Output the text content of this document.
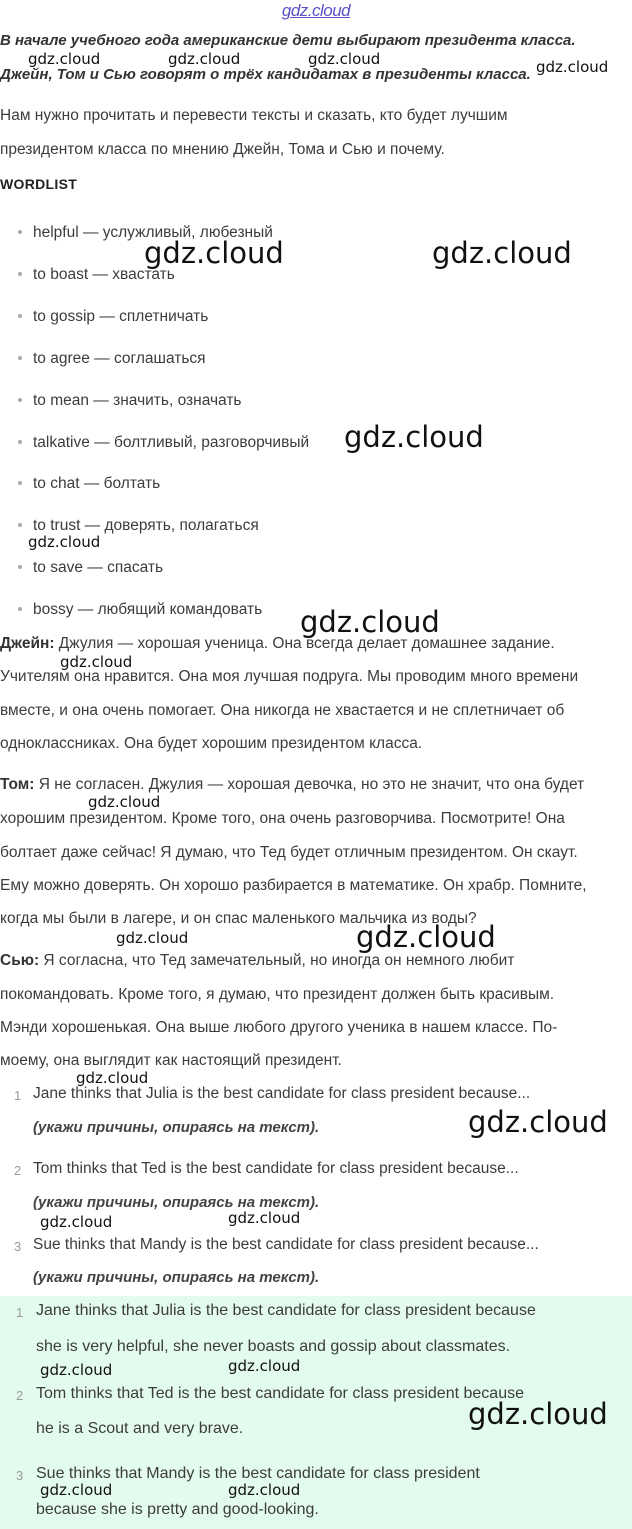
gdz.cloud
В начале учебного года американские дети выбирают президента класса.
Джейн, Том и Сью говорят о трёх кандидатах в президенты класса.
Нам нужно прочитать и перевести тексты и сказать, кто будет лучшим
президентом класса по мнению Джейн, Тома и Сью и почему.
WORDLIST
helpful — услужливый, любезный
to boast — хвастать
to gossip — сплетничать
to agree — соглашаться
to mean — значить, означать
talkative — болтливый, разговорчивый
to chat — болтать
to trust — доверять, полагаться
to save — спасать
bossy — любящий командовать
Джейн: Джулия — хорошая ученица. Она всегда делает домашнее задание.
Учителям она нравится. Она моя лучшая подруга. Мы проводим много времени
вместе, и она очень помогает. Она никогда не хвастается и не сплетничает об
одноклассниках. Она будет хорошим президентом класса.
Том: Я не согласен. Джулия — хорошая девочка, но это не значит, что она будет
хорошим президентом. Кроме того, она очень разговорчива. Посмотрите! Она
болтает даже сейчас! Я думаю, что Тед будет отличным президентом. Он скаут.
Ему можно доверять. Он хорошо разбирается в математике. Он храбр. Помните,
когда мы были в лагере, и он спас маленького мальчика из воды?
Сью: Я согласна, что Тед замечательный, но иногда он немного любит
покомандовать. Кроме того, я думаю, что президент должен быть красивым.
Мэнди хорошенькая. Она выше любого другого ученика в нашем классе. По-
моему, она выглядит как настоящий президент.
1 Jane thinks that Julia is the best candidate for class president because...
(укажи причины, опираясь на текст).
2 Tom thinks that Ted is the best candidate for class president because...
(укажи причины, опираясь на текст).
3 Sue thinks that Mandy is the best candidate for class president because...
(укажи причины, опираясь на текст).
1 Jane thinks that Julia is the best candidate for class president because
she is very helpful, she never boasts and gossip about classmates.
2 Tom thinks that Ted is the best candidate for class president because
he is a Scout and very brave.
3 Sue thinks that Mandy is the best candidate for class president
because she is pretty and good-looking.
gdz.cloud	gdz.cloud	gdz.cloud	gdz.cloud
gdz.cloud	gdz.cloud
gdz.cloud
gdz.cloud
gdz.cloud
gdz.cloud
gdz.cloud
gdz.cloud	gdz.cloud
gdz.cloud
gdz.cloud
gdz.cloud	gdz.cloud
gdz.cloud	gdz.cloud
gdz.cloud
gdz.cloud	gdz.cloud
